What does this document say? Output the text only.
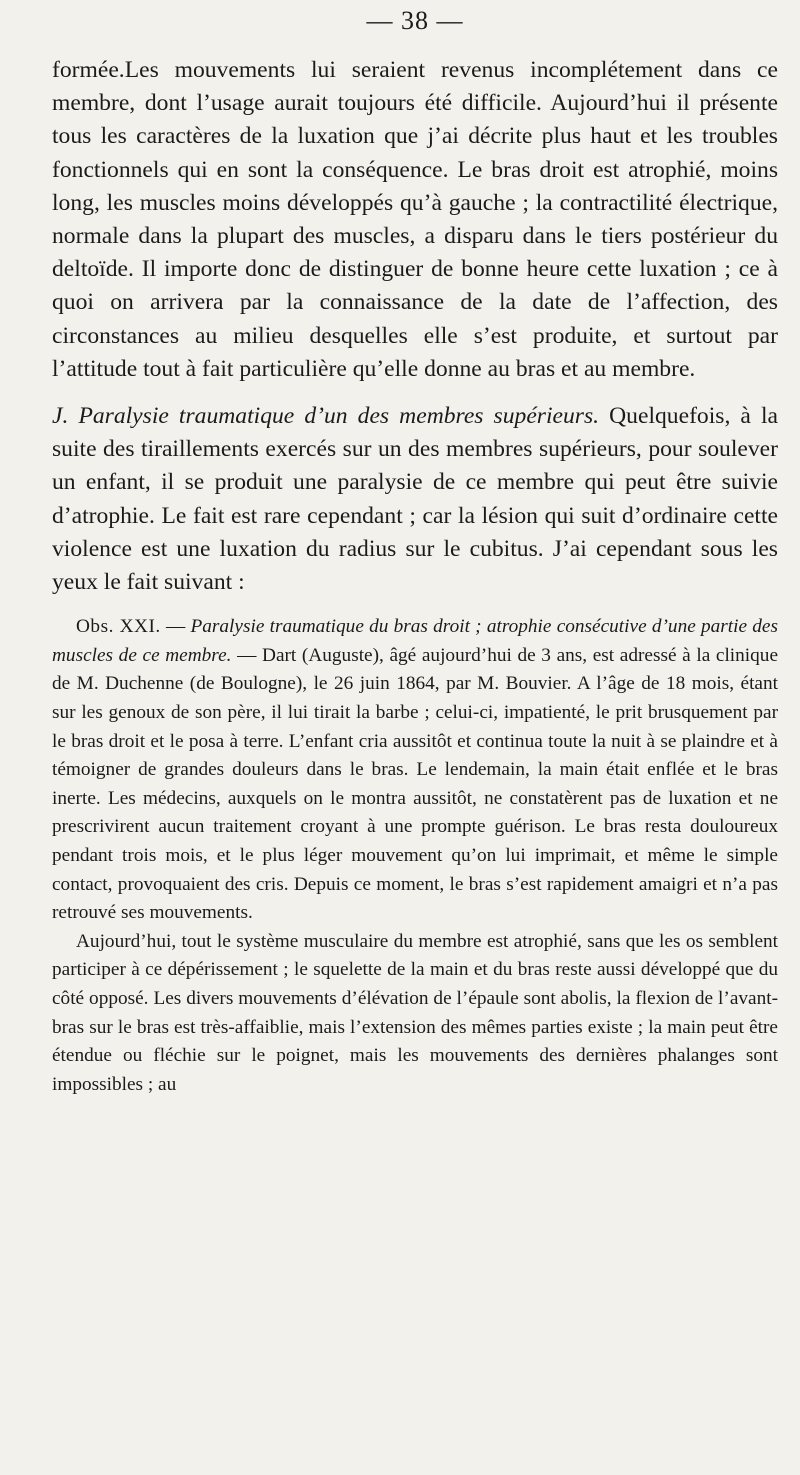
— 38 —

formée.Les mouvements lui seraient revenus incomplétement dans ce membre, dont l’usage aurait toujours été difficile. Aujourd’hui il présente tous les caractères de la luxation que j’ai décrite plus haut et les troubles fonctionnels qui en sont la conséquence. Le bras droit est atrophié, moins long, les muscles moins développés qu’à gauche ; la contractilité électrique, normale dans la plupart des muscles, a disparu dans le tiers postérieur du deltoïde. Il importe donc de distinguer de bonne heure cette luxation ; ce à quoi on arrivera par la connaissance de la date de l’affection, des circonstances au milieu desquelles elle s’est produite, et surtout par l’attitude tout à fait particulière qu’elle donne au bras et au membre.

J. Paralysie traumatique d’un des membres supérieurs. Quelquefois, à la suite des tiraillements exercés sur un des membres supérieurs, pour soulever un enfant, il se produit une paralysie de ce membre qui peut être suivie d’atrophie. Le fait est rare cependant ; car la lésion qui suit d’ordinaire cette violence est une luxation du radius sur le cubitus. J’ai cependant sous les yeux le fait suivant :

Obs. XXI. — Paralysie traumatique du bras droit ; atrophie consécutive d’une partie des muscles de ce membre. — Dart (Auguste), âgé aujourd’hui de 3 ans, est adressé à la clinique de M. Duchenne (de Boulogne), le 26 juin 1864, par M. Bouvier. A l’âge de 18 mois, étant sur les genoux de son père, il lui tirait la barbe ; celui-ci, impatienté, le prit brusquement par le bras droit et le posa à terre. L’enfant cria aussitôt et continua toute la nuit à se plaindre et à témoigner de grandes douleurs dans le bras. Le lendemain, la main était enflée et le bras inerte. Les médecins, auxquels on le montra aussitôt, ne constatèrent pas de luxation et ne prescrivirent aucun traitement croyant à une prompte guérison. Le bras resta douloureux pendant trois mois, et le plus léger mouvement qu’on lui imprimait, et même le simple contact, provoquaient des cris. Depuis ce moment, le bras s’est rapidement amaigri et n’a pas retrouvé ses mouvements.

Aujourd’hui, tout le système musculaire du membre est atrophié, sans que les os semblent participer à ce dépérissement ; le squelette de la main et du bras reste aussi développé que du côté opposé. Les divers mouvements d’élévation de l’épaule sont abolis, la flexion de l’avant-bras sur le bras est très-affaiblie, mais l’extension des mêmes parties existe ; la main peut être étendue ou fléchie sur le poignet, mais les mouvements des dernières phalanges sont impossibles ; au
